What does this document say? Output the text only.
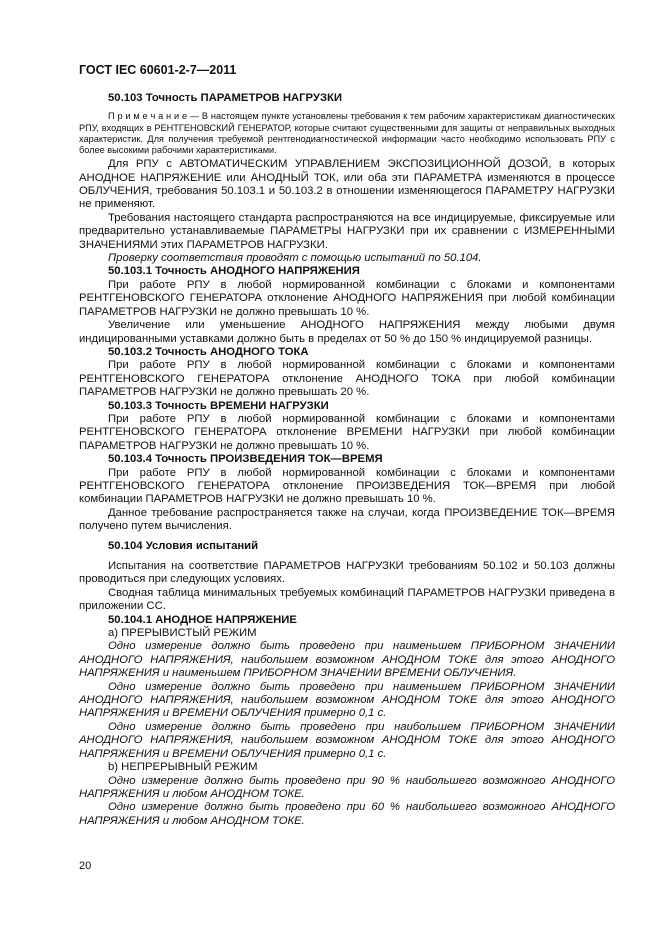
ГОСТ IEC 60601-2-7—2011

50.103 Точность ПАРАМЕТРОВ НАГРУЗКИ

П р и м е ч а н и е — В настоящем пункте установлены требования к тем рабочим характеристикам диагностических РПУ, входящих в РЕНТГЕНОВСКИЙ ГЕНЕРАТОР, которые считают существенными для защиты от неправильных выходных характеристик. Для получения требуемой рентгенодиагностической информации часто необходимо использовать РПУ с более высокими рабочими характеристиками.

Для РПУ с АВТОМАТИЧЕСКИМ УПРАВЛЕНИЕМ ЭКСПОЗИЦИОННОЙ ДОЗОЙ, в которых АНОДНОЕ НАПРЯЖЕНИЕ или АНОДНЫЙ ТОК, или оба эти ПАРАМЕТРА изменяются в процессе ОБЛУЧЕНИЯ, требования 50.103.1 и 50.103.2 в отношении изменяющегося ПАРАМЕТРУ НАГРУЗКИ не применяют.

Требования настоящего стандарта распространяются на все индицируемые, фиксируемые или предварительно устанавливаемые ПАРАМЕТРЫ НАГРУЗКИ при их сравнении с ИЗМЕРЕННЫМИ ЗНАЧЕНИЯМИ этих ПАРАМЕТРОВ НАГРУЗКИ.

Проверку соответствия проводят с помощью испытаний по 50.104.

50.103.1 Точность АНОДНОГО НАПРЯЖЕНИЯ

При работе РПУ в любой нормированной комбинации с блоками и компонентами РЕНТГЕНОВСКОГО ГЕНЕРАТОРА отклонение АНОДНОГО НАПРЯЖЕНИЯ при любой комбинации ПАРАМЕТРОВ НАГРУЗКИ не должно превышать 10 %.

Увеличение или уменьшение АНОДНОГО НАПРЯЖЕНИЯ между любыми двумя индицированными уставками должно быть в пределах от 50 % до 150 % индицируемой разницы.

50.103.2 Точность АНОДНОГО ТОКА

При работе РПУ в любой нормированной комбинации с блоками и компонентами РЕНТГЕНОВСКОГО ГЕНЕРАТОРА отклонение АНОДНОГО ТОКА при любой комбинации ПАРАМЕТРОВ НАГРУЗКИ не должно превышать 20 %.

50.103.3 Точность ВРЕМЕНИ НАГРУЗКИ

При работе РПУ в любой нормированной комбинации с блоками и компонентами РЕНТГЕНОВСКОГО ГЕНЕРАТОРА отклонение ВРЕМЕНИ НАГРУЗКИ при любой комбинации ПАРАМЕТРОВ НАГРУЗКИ не должно превышать 10 %.

50.103.4 Точность ПРОИЗВЕДЕНИЯ ТОК—ВРЕМЯ

При работе РПУ в любой нормированной комбинации с блоками и компонентами РЕНТГЕНОВСКОГО ГЕНЕРАТОРА отклонение ПРОИЗВЕДЕНИЯ ТОК—ВРЕМЯ при любой комбинации ПАРАМЕТРОВ НАГРУЗКИ не должно превышать 10 %.

Данное требование распространяется также на случаи, когда ПРОИЗВЕДЕНИЕ ТОК—ВРЕМЯ получено путем вычисления.

50.104 Условия испытаний

Испытания на соответствие ПАРАМЕТРОВ НАГРУЗКИ требованиям 50.102 и 50.103 должны проводиться при следующих условиях.

Сводная таблица минимальных требуемых комбинаций ПАРАМЕТРОВ НАГРУЗКИ приведена в приложении СС.

50.104.1 АНОДНОЕ НАПРЯЖЕНИЕ

а) ПРЕРЫВИСТЫЙ РЕЖИМ

Одно измерение должно быть проведено при наименьшем ПРИБОРНОМ ЗНАЧЕНИИ АНОДНОГО НАПРЯЖЕНИЯ, наибольшем возможном АНОДНОМ ТОКЕ для этого АНОДНОГО НАПРЯЖЕНИЯ и наименьшем ПРИБОРНОМ ЗНАЧЕНИИ ВРЕМЕНИ ОБЛУЧЕНИЯ.

Одно измерение должно быть проведено при наименьшем ПРИБОРНОМ ЗНАЧЕНИИ АНОДНОГО НАПРЯЖЕНИЯ, наибольшем возможном АНОДНОМ ТОКЕ для этого АНОДНОГО НАПРЯЖЕНИЯ и ВРЕМЕНИ ОБЛУЧЕНИЯ примерно 0,1 с.

Одно измерение должно быть проведено при наибольшем ПРИБОРНОМ ЗНАЧЕНИИ АНОДНОГО НАПРЯЖЕНИЯ, наибольшем возможном АНОДНОМ ТОКЕ для этого АНОДНОГО НАПРЯЖЕНИЯ и ВРЕМЕНИ ОБЛУЧЕНИЯ примерно 0,1 с.

b) НЕПРЕРЫВНЫЙ РЕЖИМ

Одно измерение должно быть проведено при 90 % наибольшего возможного АНОДНОГО НАПРЯЖЕНИЯ и любом АНОДНОМ ТОКЕ.

Одно измерение должно быть проведено при 60 % наибольшего возможного АНОДНОГО НАПРЯЖЕНИЯ и любом АНОДНОМ ТОКЕ.

20
